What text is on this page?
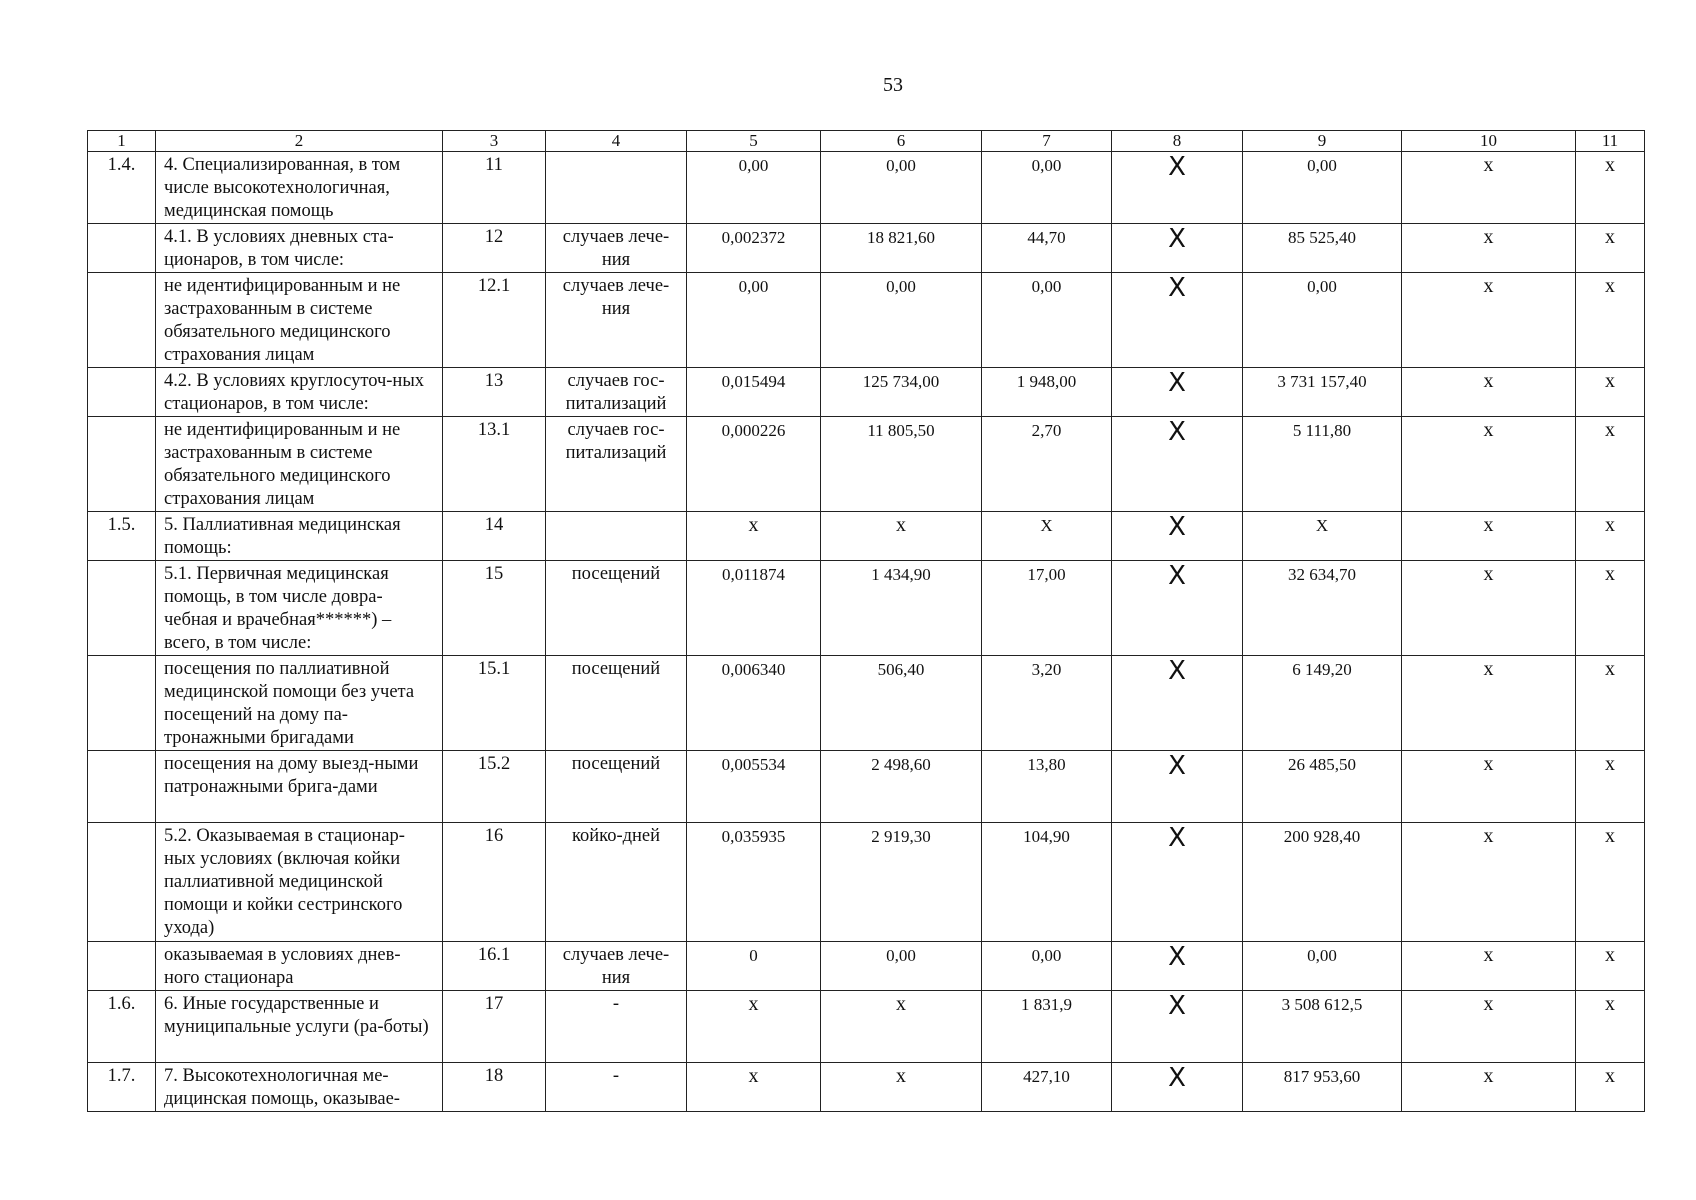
53
1	2	3	4	5	6	7	8	9	10	11
1.4.	4. Специализированная, в том числе высокотехнологичная, медицинская помощь	11		0,00	0,00	0,00	X	0,00	x	x
	4.1. В условиях дневных ста-ционаров, в том числе:	12	случаев лече-ния	0,002372	18 821,60	44,70	X	85 525,40	x	x
	не идентифицированным и не застрахованным в системе обязательного медицинского страхования лицам	12.1	случаев лече-ния	0,00	0,00	0,00	X	0,00	x	x
	4.2. В условиях круглосуточ-ных стационаров, в том числе:	13	случаев гос-питализаций	0,015494	125 734,00	1 948,00	X	3 731 157,40	x	x
	не идентифицированным и не застрахованным в системе обязательного медицинского страхования лицам	13.1	случаев гос-питализаций	0,000226	11 805,50	2,70	X	5 111,80	x	x
1.5.	5. Паллиативная медицинская помощь:	14		x	x	X	X	X	x	x
	5.1. Первичная медицинская помощь, в том числе довра-чебная и врачебная******) – всего, в том числе:	15	посещений	0,011874	1 434,90	17,00	X	32 634,70	x	x
	посещения по паллиативной медицинской помощи без учета посещений на дому па-тронажными бригадами	15.1	посещений	0,006340	506,40	3,20	X	6 149,20	x	x
	посещения на дому выезд-ными патронажными брига-дами	15.2	посещений	0,005534	2 498,60	13,80	X	26 485,50	x	x
	5.2. Оказываемая в стационар-ных условиях (включая койки паллиативной медицинской помощи и койки сестринского ухода)	16	койко-дней	0,035935	2 919,30	104,90	X	200 928,40	x	x
	оказываемая в условиях днев-ного стационара	16.1	случаев лече-ния	0	0,00	0,00	X	0,00	x	x
1.6.	6. Иные государственные и муниципальные услуги (ра-боты)	17	-	x	x	1 831,9	X	3 508 612,5	x	x
1.7.	7. Высокотехнологичная ме-дицинская помощь, оказывае-	18	-	x	x	427,10	X	817 953,60	x	x
